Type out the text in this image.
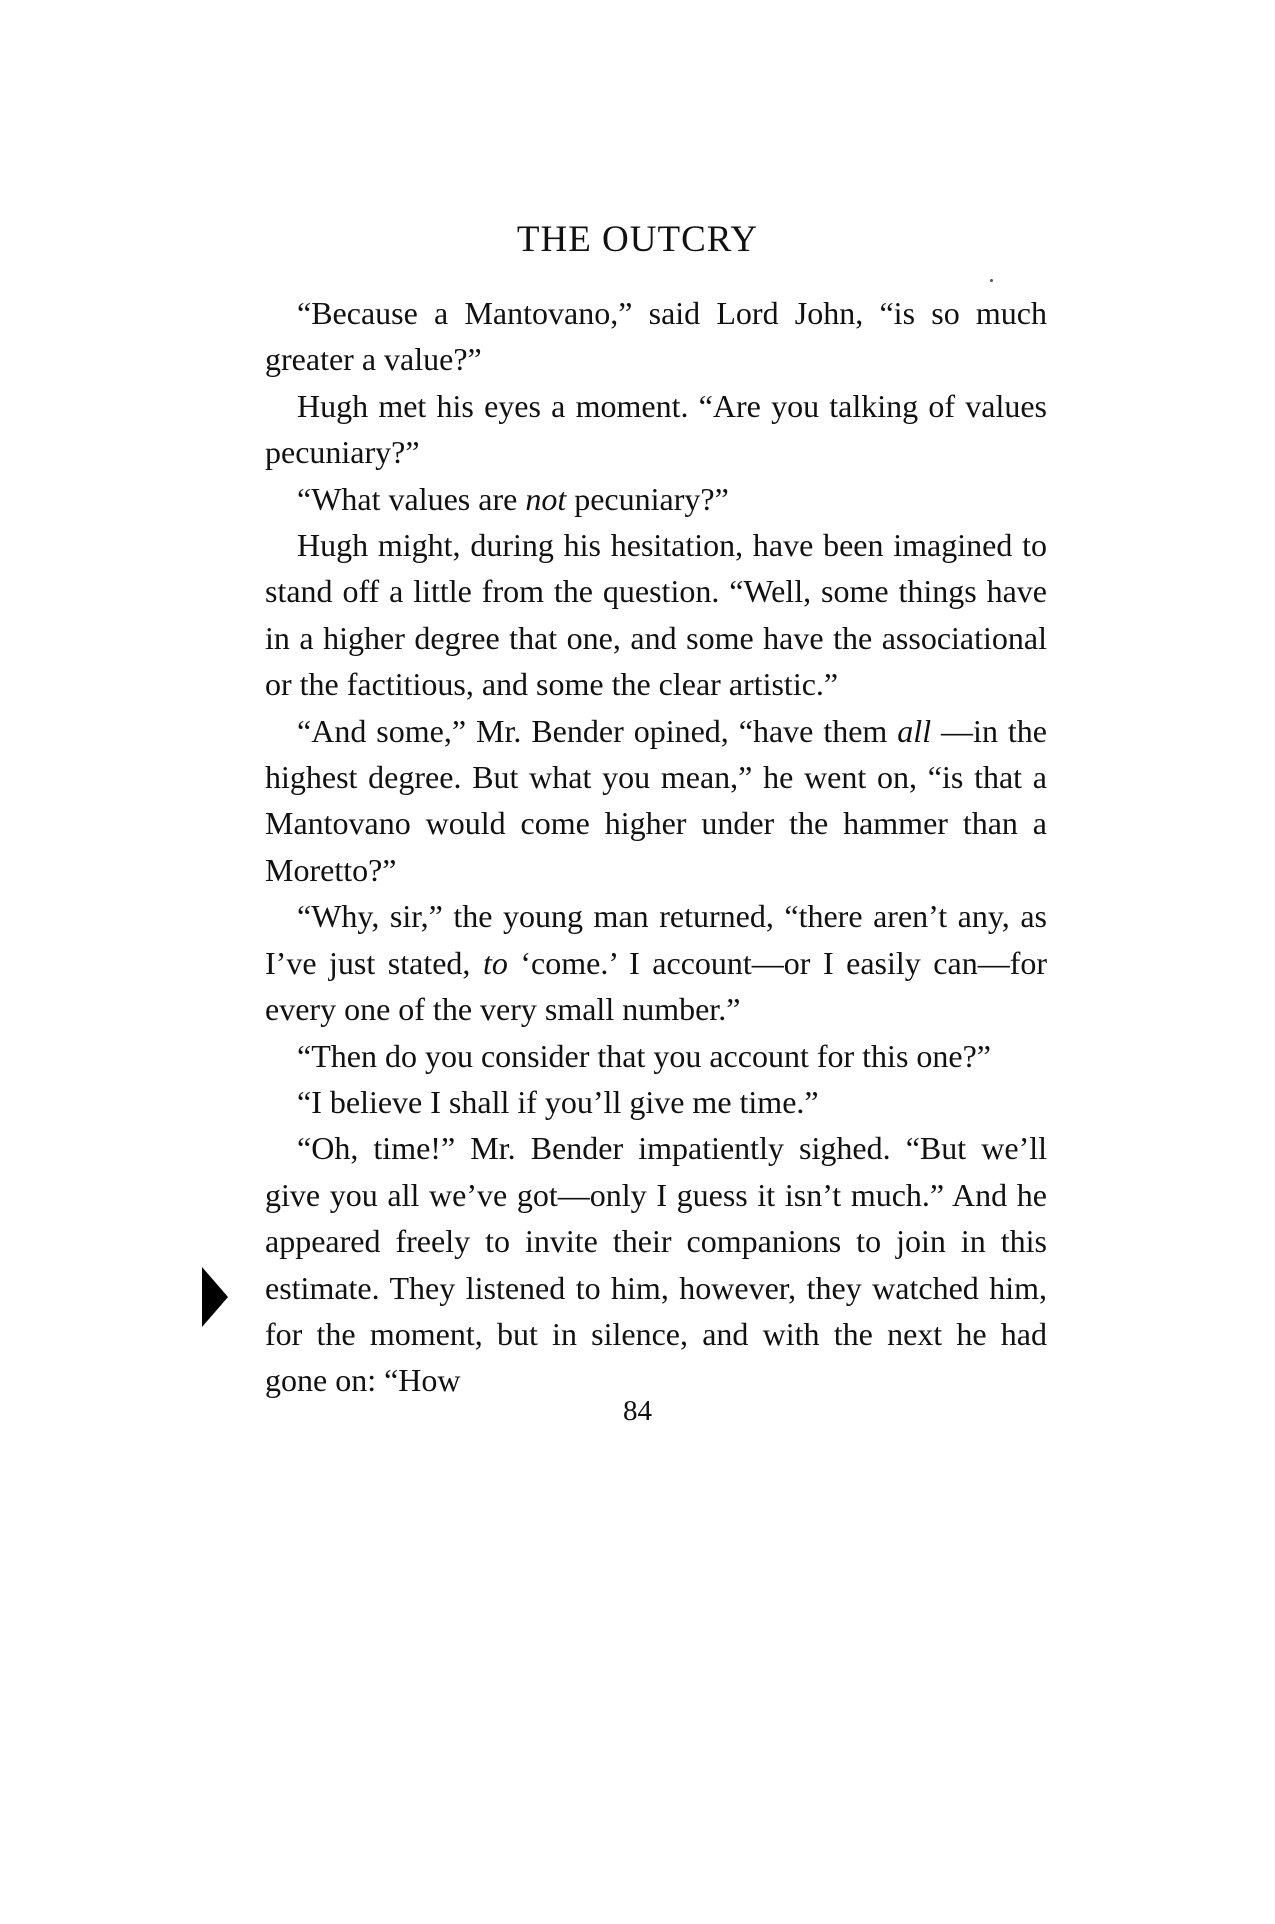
THE OUTCRY

“Because a Mantovano,” said Lord John, “is so much greater a value?”

Hugh met his eyes a moment. “Are you talking of values pecuniary?”

“What values are not pecuniary?”

Hugh might, during his hesitation, have been imagined to stand off a little from the question. “Well, some things have in a higher degree that one, and some have the associational or the factitious, and some the clear artistic.”

“And some,” Mr. Bender opined, “have them all —in the highest degree. But what you mean,” he went on, “is that a Mantovano would come higher under the hammer than a Moretto?”

“Why, sir,” the young man returned, “there aren’t any, as I’ve just stated, to ‘come.’ I account—or I easily can—for every one of the very small number.”

“Then do you consider that you account for this one?”

“I believe I shall if you’ll give me time.”

“Oh, time!” Mr. Bender impatiently sighed. “But we’ll give you all we’ve got—only I guess it isn’t much.” And he appeared freely to invite their companions to join in this estimate. They listened to him, however, they watched him, for the moment, but in silence, and with the next he had gone on: “How

84
